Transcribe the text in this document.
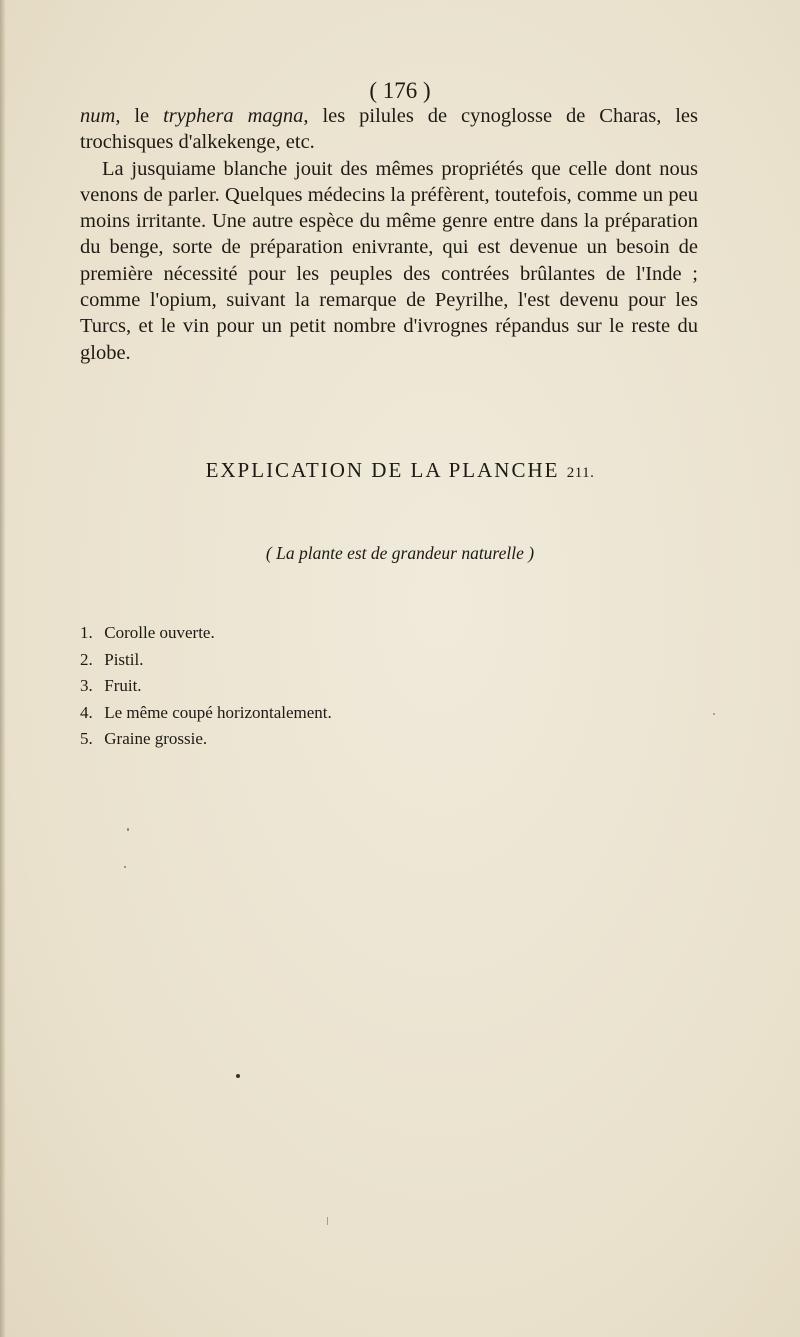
( 176 )

num, le tryphera magna, les pilules de cynoglosse de Charas, les trochisques d'alkekenge, etc.

La jusquiame blanche jouit des mêmes propriétés que celle dont nous venons de parler. Quelques médecins la préfèrent, toutefois, comme un peu moins irritante. Une autre espèce du même genre entre dans la préparation du benge, sorte de préparation enivrante, qui est devenue un besoin de première nécessité pour les peuples des contrées brûlantes de l'Inde ; comme l'opium, suivant la remarque de Peyrilhe, l'est devenu pour les Turcs, et le vin pour un petit nombre d'ivrognes répandus sur le reste du globe.

EXPLICATION DE LA PLANCHE 211.
( La plante est de grandeur naturelle )
1. Corolle ouverte.
2. Pistil.
3. Fruit.
4. Le même coupé horizontalement.
5. Graine grossie.
